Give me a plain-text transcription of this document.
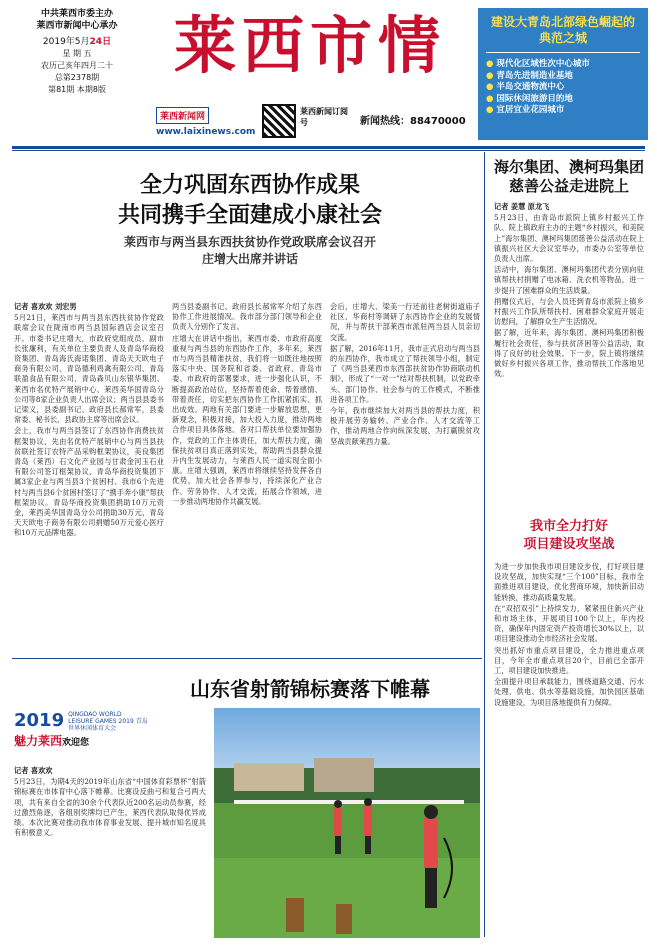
中共莱西市委主办
莱西市新闻中心承办
2019年5月24日
星 期 五
农历己亥年四月二十
总第2378期
第81期 本期8版
莱西市情
莱西新闻网
www.laixinews.com
莱西新闻订阅号	新闻热线：88470000
建设大青岛北部绿色崛起的典范之城
● 现代化区域性次中心城市
● 青岛先进制造业基地
● 半岛交通物流中心
● 国际休闲旅游目的地
● 宜居宜业花园城市
全力巩固东西协作成果
共同携手全面建成小康社会
莱西市与两当县东西扶贫协作党政联席会议召开
庄增大出席并讲话

记者 喜欢欢 刘宏男

5月21日，莱西市与两当县东西扶贫协作党政联席会议在陇南市两当县国际酒店会议室召开。市委书记庄增大，市政府党组成员、副市长张廉利，有关单位主要负责人及青岛华商投资集团、青岛海氏海诺集团、青岛天天欧电子商务有限公司、青岛德利鸡禽有限公司、青岛联盈食品有限公司、青岛森贝山东银华集团、莱西市名优特产展销中心、莱西美华国青岛分公司等8家企业负责人出席会议；两当县县委书记梁义，县委副书记、政府县长郝常军，县委常委、秘书长、县政协主席等出席会议。

会上，我市与两当县签订了东西协作消费扶贫框架协议，先由名优特产展销中心与两当县扶贫联社签订农特产品采购框架协议，美良集团青岛（莱西）石文化产业园与甘肃金河玉石业有限公司签订框架协议，青岛华商投资集团下属3家企业与两当县3个贫困村、我市6个先进村与两当县6个贫困村签订了“携手奔小康”帮扶框架协议。青岛华商投资集团捐助10万元资金，莱西美华国青岛分公司捐助30万元，青岛天天欧电子商务有限公司捐赠50万元爱心医疗和10万元品牌电器。

两当县委副书记、政府县长郝常军介绍了东西协作工作进展情况。我市部分部门领导和企业负责人分别作了发言。

庄增大在讲话中指出，莱西市委、市政府高度重视与两当县的东西协作工作，多年来，莱西市与两当县精准扶贫，我们将一如既往地按照落实中央、国务院和省委、省政府、青岛市委、市政府的部署要求，进一步强化认识，不断提高政治站位，坚持帮着使命、帮着感情、带着责任，切实把东西协作工作抓紧抓实、抓出成效。两地有关部门要进一步解放思想，更新观念，积极对接，加大投入力度，推动两地合作项目具体落地。各对口帮扶单位要加强协作，党政的工作主体责任，加大帮扶力度，确保扶贫项目真正落到实处，帮助两当县群众提升内生发展动力，与莱西人民一道实现全面小康。庄增大强调，莱西市将继续坚持发挥各自优势，加大社会各界参与，持续深化产业合作、劳务协作、人才交流，拓展合作领域，进一步推动两地协作共赢发展。

会后，庄增大、梁美一行还前往老树街道庙子社区、华商村等调研了东西协作企业的发展情况，并与帮扶干部莱西市派驻两当县人员亲切交流。

据了解，2016年11月，我市正式启动与两当县的东西协作，我市成立了帮扶领导小组，制定了《两当县莱西市东西部扶贫协作协商联动机制》，形成了“一对一”结对帮扶机制，以党政牵头、部门协作、社会参与的工作模式，不断推进各项工作。

今年，我市继续加大对两当县的帮扶力度，积极开展劳务输转、产业合作、人才交流等工作，推动两地合作向纵深发展，为打赢脱贫攻坚战贡献莱西力量。

海尔集团、澳柯玛集团
慈善公益走进院上

记者 姜慧 原龙飞

5月23日，由青岛市派院上镇乡村振兴工作队、院上镇政府主办的主题“乡村振兴，和美院上”海尔集团、澳柯玛集团慈善公益活动在院上镇振兴社区大会议室举办，市委办公室等单位负责人出席。

活动中，海尔集团、澳柯玛集团代表分别向驻镇帮扶村捐赠了电冰箱、洗衣机等物品，进一步提升了困难群众的生活质量。

捐赠仪式后，与会人员还到青岛市派院上镇乡村振兴工作队所帮扶村、困难群众家庭开展走访慰问，了解群众生产生活情况。

据了解，近年来，海尔集团、澳柯玛集团积极履行社会责任，参与扶贫济困等公益活动，取得了良好的社会效果。下一步，院上镇将继续做好乡村振兴各项工作，推动帮扶工作落地见效。

我市全力打好
项目建设攻坚战

为进一步加快我市项目建设步伐，打好项目建设攻坚战，加快实现“三个100”目标，我市全面推进项目建设，优化营商环境，加快新旧动能转换，推动高质量发展。

在“双招双引”上持续发力，紧紧扭住新兴产业和市场主体，开展项目100个以上，年内投资，确保年内固定资产投资增长30%以上，以项目建设推动全市经济社会发展。

突出抓好市重点项目建设，全力推进重点项目，今年全市重点项目20个，目前已全部开工，项目建设加快推进。

全面提升项目承载能力，围绕道路交通、污水处理、供电、供水等基础设施，加快园区基础设施建设，为项目落地提供有力保障。

山东省射箭锦标赛落下帷幕
2019 QINGDAO WORLD LEISURE GAMES 2019 青岛世界休闲体育大会
魅力莱西欢迎您

记者 喜欢欢

5月23日，为期4天的2019年山东省“中国体育彩票杯”射箭锦标赛在市体育中心落下帷幕。比赛设反曲弓和复合弓两大项，共有来自全省的30余个代表队近200名运动员参赛，经过激烈角逐，各组别奖牌均已产生，莱西代表队取得优异成绩。本次比赛对推动我市体育事业发展、提升城市知名度具有积极意义。
